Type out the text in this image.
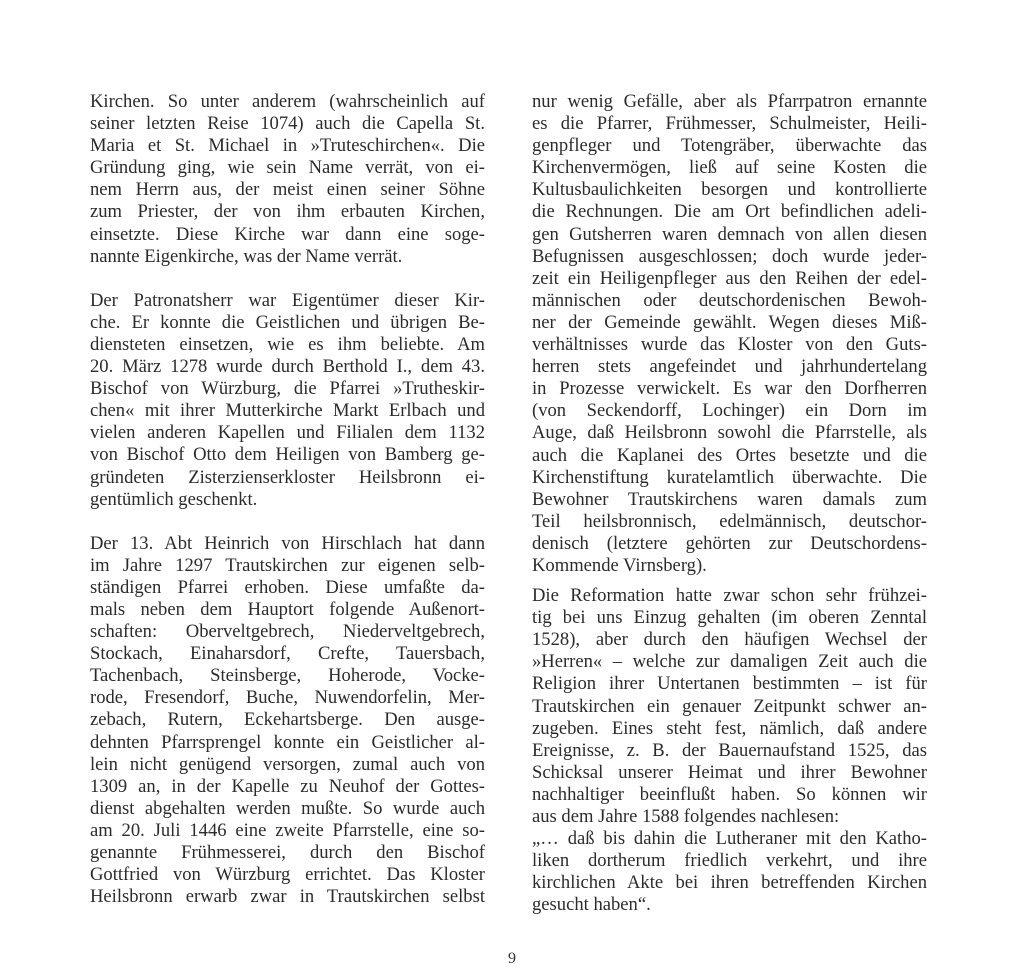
Kirchen. So unter anderem (wahrscheinlich auf
seiner letzten Reise 1074) auch die Capella St.
Maria et St. Michael in »Truteschirchen«. Die
Gründung ging, wie sein Name verrät, von ei-
nem Herrn aus, der meist einen seiner Söhne
zum Priester, der von ihm erbauten Kirchen,
einsetzte. Diese Kirche war dann eine soge-
nannte Eigenkirche, was der Name verrät.
Der Patronatsherr war Eigentümer dieser Kir-
che. Er konnte die Geistlichen und übrigen Be-
diensteten einsetzen, wie es ihm beliebte. Am
20. März 1278 wurde durch Berthold I., dem 43.
Bischof von Würzburg, die Pfarrei »Trutheskir-
chen« mit ihrer Mutterkirche Markt Erlbach und
vielen anderen Kapellen und Filialen dem 1132
von Bischof Otto dem Heiligen von Bamberg ge-
gründeten Zisterzienserkloster Heilsbronn ei-
gentümlich geschenkt.
Der 13. Abt Heinrich von Hirschlach hat dann
im Jahre 1297 Trautskirchen zur eigenen selb-
ständigen Pfarrei erhoben. Diese umfaßte da-
mals neben dem Hauptort folgende Außenort-
schaften: Oberveltgebrech, Niederveltgebrech,
Stockach, Einaharsdorf, Crefte, Tauersbach,
Tachenbach, Steinsberge, Hoherode, Vocke-
rode, Fresendorf, Buche, Nuwendorfelin, Mer-
zebach, Rutern, Eckehartsberge. Den ausge-
dehnten Pfarrsprengel konnte ein Geistlicher al-
lein nicht genügend versorgen, zumal auch von
1309 an, in der Kapelle zu Neuhof der Gottes-
dienst abgehalten werden mußte. So wurde auch
am 20. Juli 1446 eine zweite Pfarrstelle, eine so-
genannte Frühmesserei, durch den Bischof
Gottfried von Würzburg errichtet. Das Kloster
Heilsbronn erwarb zwar in Trautskirchen selbst
nur wenig Gefälle, aber als Pfarrpatron ernannte
es die Pfarrer, Frühmesser, Schulmeister, Heili-
genpfleger und Totengräber, überwachte das
Kirchenvermögen, ließ auf seine Kosten die
Kultusbaulichkeiten besorgen und kontrollierte
die Rechnungen. Die am Ort befindlichen adeli-
gen Gutsherren waren demnach von allen diesen
Befugnissen ausgeschlossen; doch wurde jeder-
zeit ein Heiligenpfleger aus den Reihen der edel-
männischen oder deutschordenischen Bewoh-
ner der Gemeinde gewählt. Wegen dieses Miß-
verhältnisses wurde das Kloster von den Guts-
herren stets angefeindet und jahrhundertelang
in Prozesse verwickelt. Es war den Dorfherren
(von Seckendorff, Lochinger) ein Dorn im
Auge, daß Heilsbronn sowohl die Pfarrstelle, als
auch die Kaplanei des Ortes besetzte und die
Kirchenstiftung kuratelamtlich überwachte. Die
Bewohner Trautskirchens waren damals zum
Teil heilsbronnisch, edelmännisch, deutschor-
denisch (letztere gehörten zur Deutschordens-
Kommende Virnsberg).
Die Reformation hatte zwar schon sehr frühzei-
tig bei uns Einzug gehalten (im oberen Zenntal
1528), aber durch den häufigen Wechsel der
»Herren« – welche zur damaligen Zeit auch die
Religion ihrer Untertanen bestimmten – ist für
Trautskirchen ein genauer Zeitpunkt schwer an-
zugeben. Eines steht fest, nämlich, daß andere
Ereignisse, z. B. der Bauernaufstand 1525, das
Schicksal unserer Heimat und ihrer Bewohner
nachhaltiger beeinflußt haben. So können wir
aus dem Jahre 1588 folgendes nachlesen:
„… daß bis dahin die Lutheraner mit den Katho-
liken dortherum friedlich verkehrt, und ihre
kirchlichen Akte bei ihren betreffenden Kirchen
gesucht haben“.
9
